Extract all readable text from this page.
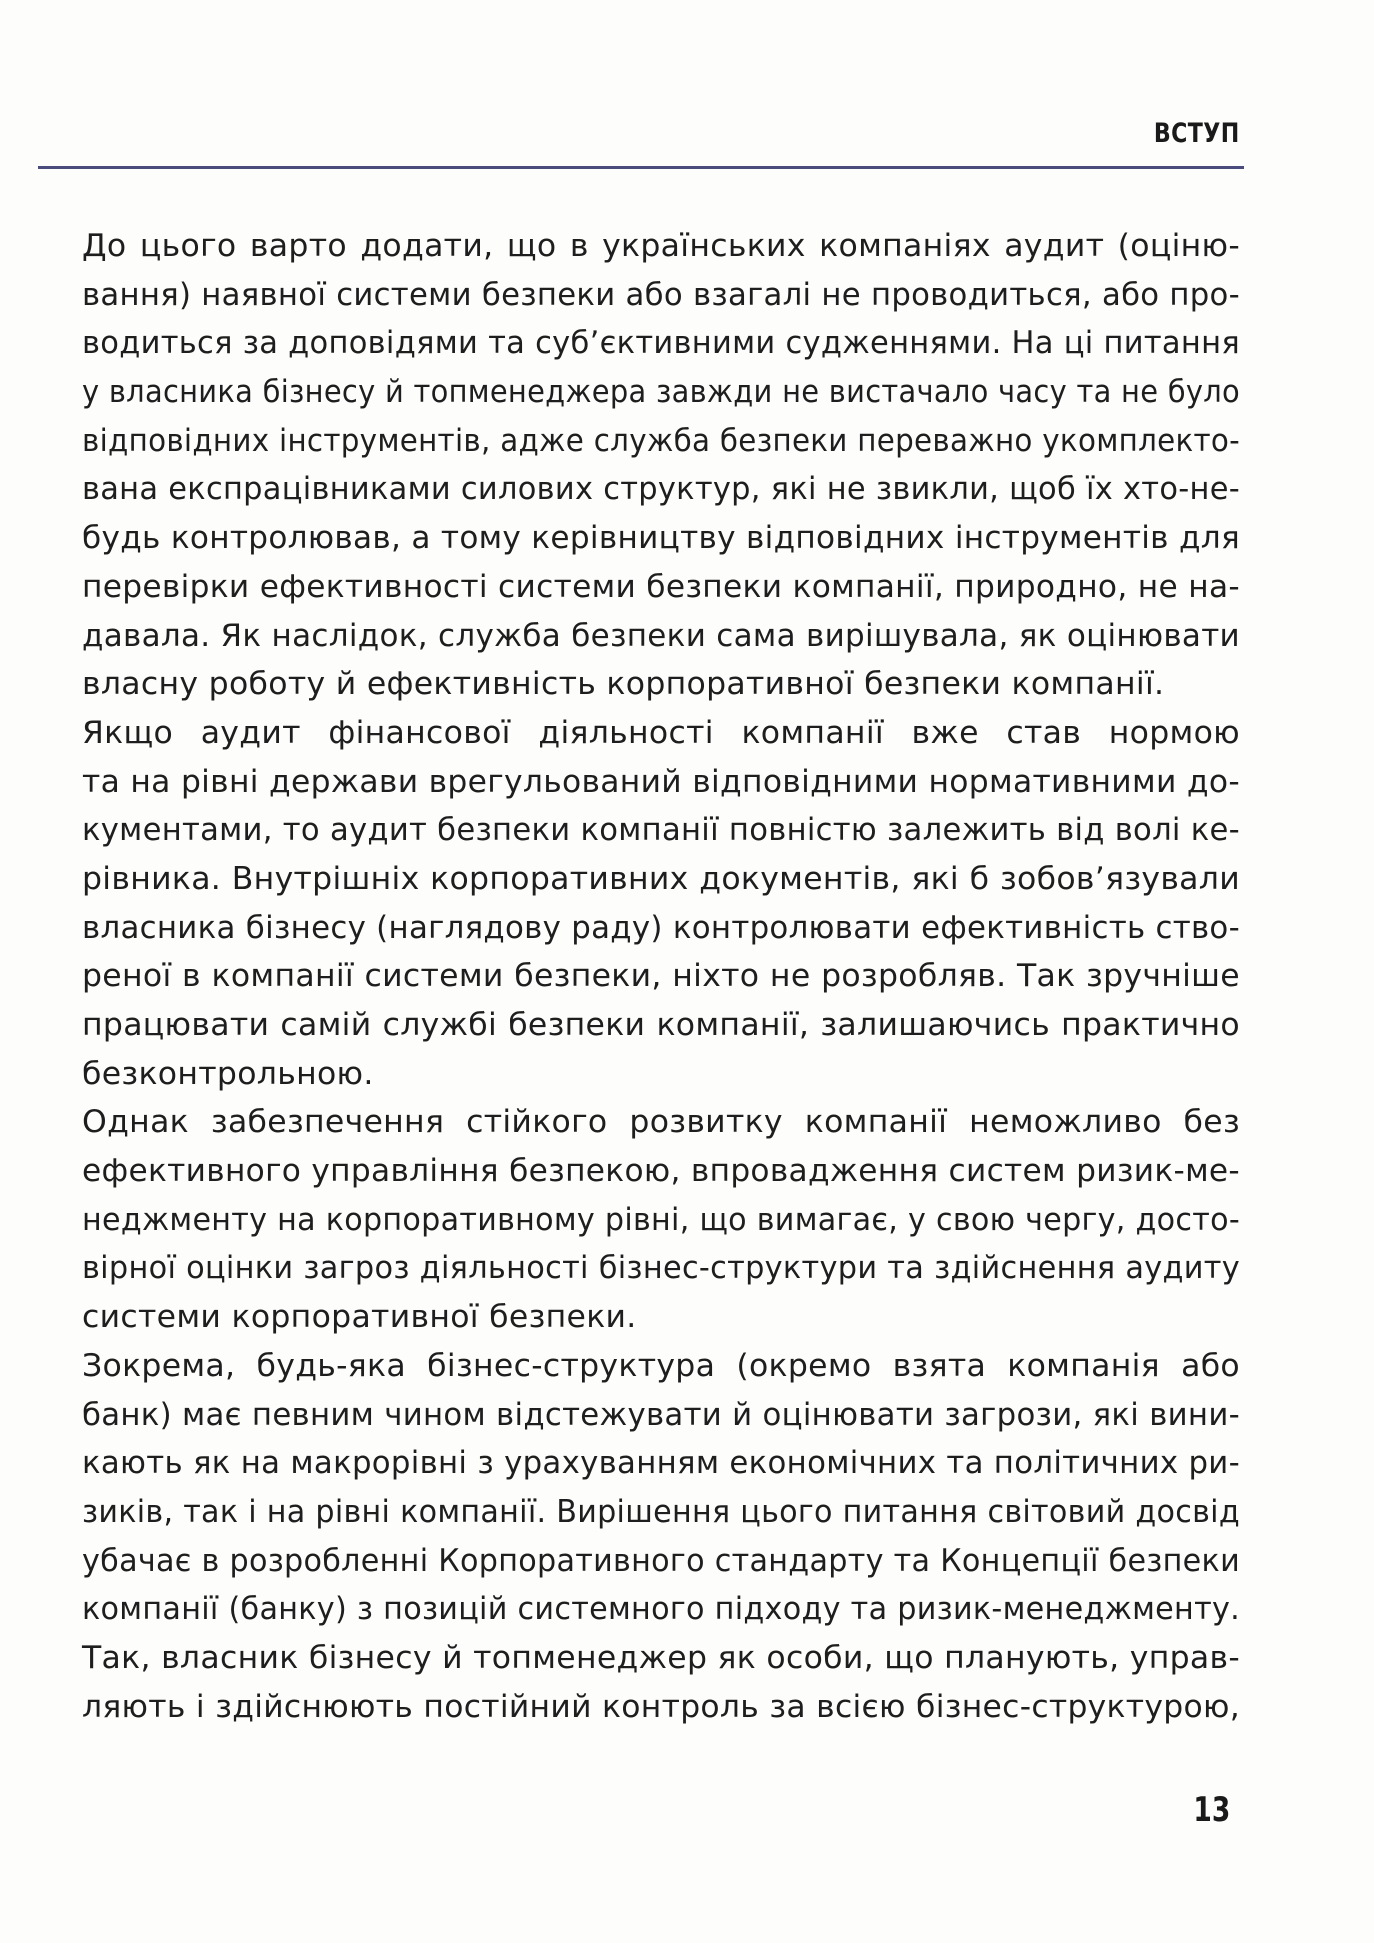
ВСТУП
До цього варто додати, що в українських компаніях аудит (оціню-
вання) наявної системи безпеки або взагалі не проводиться, або про-
водиться за доповідями та суб’єктивними судженнями. На ці питання
у власника бізнесу й топменеджера завжди не вистачало часу та не було
відповідних інструментів, адже служба безпеки переважно укомплекто-
вана експрацівниками силових структур, які не звикли, щоб їх хто-не-
будь контролював, а тому керівництву відповідних інструментів для
перевірки ефективності системи безпеки компанії, природно, не на-
давала. Як наслідок, служба безпеки сама вирішувала, як оцінювати
власну роботу й ефективність корпоративної безпеки компанії.
Якщо аудит фінансової діяльності компанії вже став нормою
та на рівні держави врегульований відповідними нормативними до-
кументами, то аудит безпеки компанії повністю залежить від волі ке-
рівника. Внутрішніх корпоративних документів, які б зобов’язували
власника бізнесу (наглядову раду) контролювати ефективність ство-
реної в компанії системи безпеки, ніхто не розробляв. Так зручніше
працювати самій службі безпеки компанії, залишаючись практично
безконтрольною.
Однак забезпечення стійкого розвитку компанії неможливо без
ефективного управління безпекою, впровадження систем ризик-ме-
неджменту на корпоративному рівні, що вимагає, у свою чергу, досто-
вірної оцінки загроз діяльності бізнес-структури та здійснення аудиту
системи корпоративної безпеки.
Зокрема, будь-яка бізнес-структура (окремо взята компанія або
банк) має певним чином відстежувати й оцінювати загрози, які вини-
кають як на макрорівні з урахуванням економічних та політичних ри-
зиків, так і на рівні компанії. Вирішення цього питання світовий досвід
убачає в розробленні Корпоративного стандарту та Концепції безпеки
компанії (банку) з позицій системного підходу та ризик-менеджменту.
Так, власник бізнесу й топменеджер як особи, що планують, управ-
ляють і здійснюють постійний контроль за всією бізнес-структурою,
13
